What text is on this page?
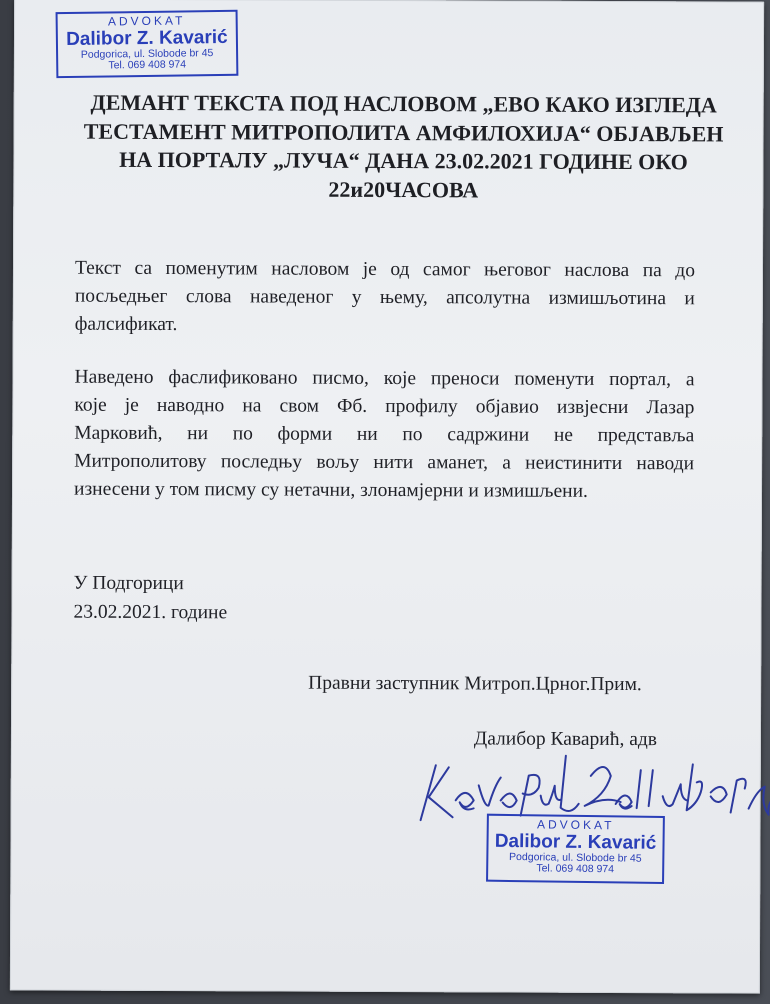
ADVOKAT
Dalibor Z. Kavarić
Podgorica, ul. Slobode br 45
Tel. 069 408 974
ДЕМАНТ ТЕКСТА ПОД НАСЛОВОМ „ЕВО КАКО ИЗГЛЕДА
ТЕСТАМЕНТ МИТРОПОЛИТА АМФИЛОХИЈА“ ОБЈАВЉЕН
НА ПОРТАЛУ „ЛУЧА“ ДАНА 23.02.2021 ГОДИНЕ ОКО
22и20ЧАСОВА
Текст са поменутим насловом је од самог његовог наслова па до
посљедњег слова наведеног у њему, апсолутна измишљотина и
фалсификат.
Наведено фаслификовано писмо, које преноси поменути портал, а
које је наводно на свом Фб. профилу објавио извјесни Лазар
Марковић, ни по форми ни по садржини не представља
Митрополитову последњу вољу нити аманет, а неистинити наводи
изнесени у том писму су нетачни, злонамјерни и измишљени.
У Подгорици
23.02.2021. године
Правни заступник Митроп.Црног.Прим.
Далибор Каварић, адв
ADVOKAT
Dalibor Z. Kavarić
Podgorica, ul. Slobode br 45
Tel. 069 408 974
